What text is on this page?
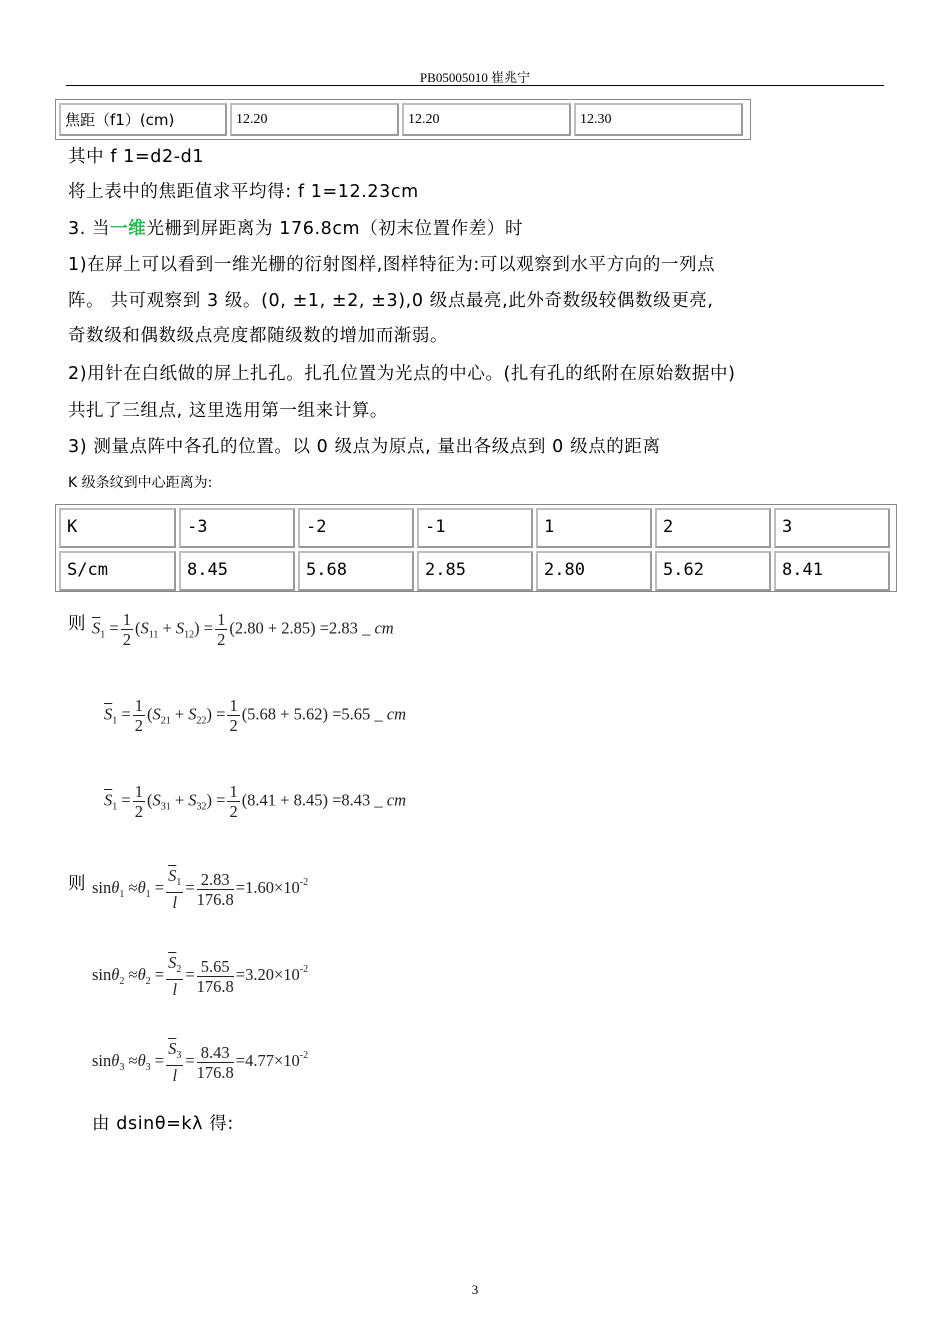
PB05005010 崔兆宁
焦距（f1）(cm)	12.20	12.20	12.30
其中 f 1=d2-d1
将上表中的焦距值求平均得: f 1=12.23cm
3. 当一维光栅到屏距离为 176.8cm（初末位置作差）时
1)在屏上可以看到一维光栅的衍射图样,图样特征为:可以观察到水平方向的一列点
阵。 共可观察到 3 级。(0, ±1, ±2, ±3),0 级点最亮,此外奇数级较偶数级更亮,
奇数级和偶数级点亮度都随级数的增加而渐弱。
2)用针在白纸做的屏上扎孔。扎孔位置为光点的中心。(扎有孔的纸附在原始数据中)
共扎了三组点, 这里选用第一组来计算。
3) 测量点阵中各孔的位置。以 0 级点为原点, 量出各级点到 0 级点的距离
K 级条纹到中心距离为:
K	-3	-2	-1	1	2	3
S/cm	8.45	5.68	2.85	2.80	5.62	8.41
则 $\overline{S}_1 = \frac{1}{2} (S_{11} + S_{12}) = \frac{1}{2} (2.80 + 2.85) =2.83$ _ cm
$\overline{S}_1 = \frac{1}{2} (S_{21} + S_{22}) = \frac{1}{2} (5.68 + 5.62) =5.65$ _ cm
$\overline{S}_1 = \frac{1}{2} (S_{31} + S_{32}) = \frac{1}{2} (8.41 + 8.45) =8.43$ _ cm
则 $\sin\theta_1 \approx\theta_1 = \frac{\overline{S}_1}{l} = \frac{2.83}{176.8} =1.60\times 10^{-2}$
$\sin\theta_2 \approx\theta_2 = \frac{\overline{S}_2}{l} = \frac{5.65}{176.8} =3.20\times 10^{-2}$
$\sin\theta_3 \approx\theta_3 = \frac{\overline{S}_3}{l} = \frac{8.43}{176.8} =4.77\times 10^{-2}$
由 dsinθ=kλ 得:
3
